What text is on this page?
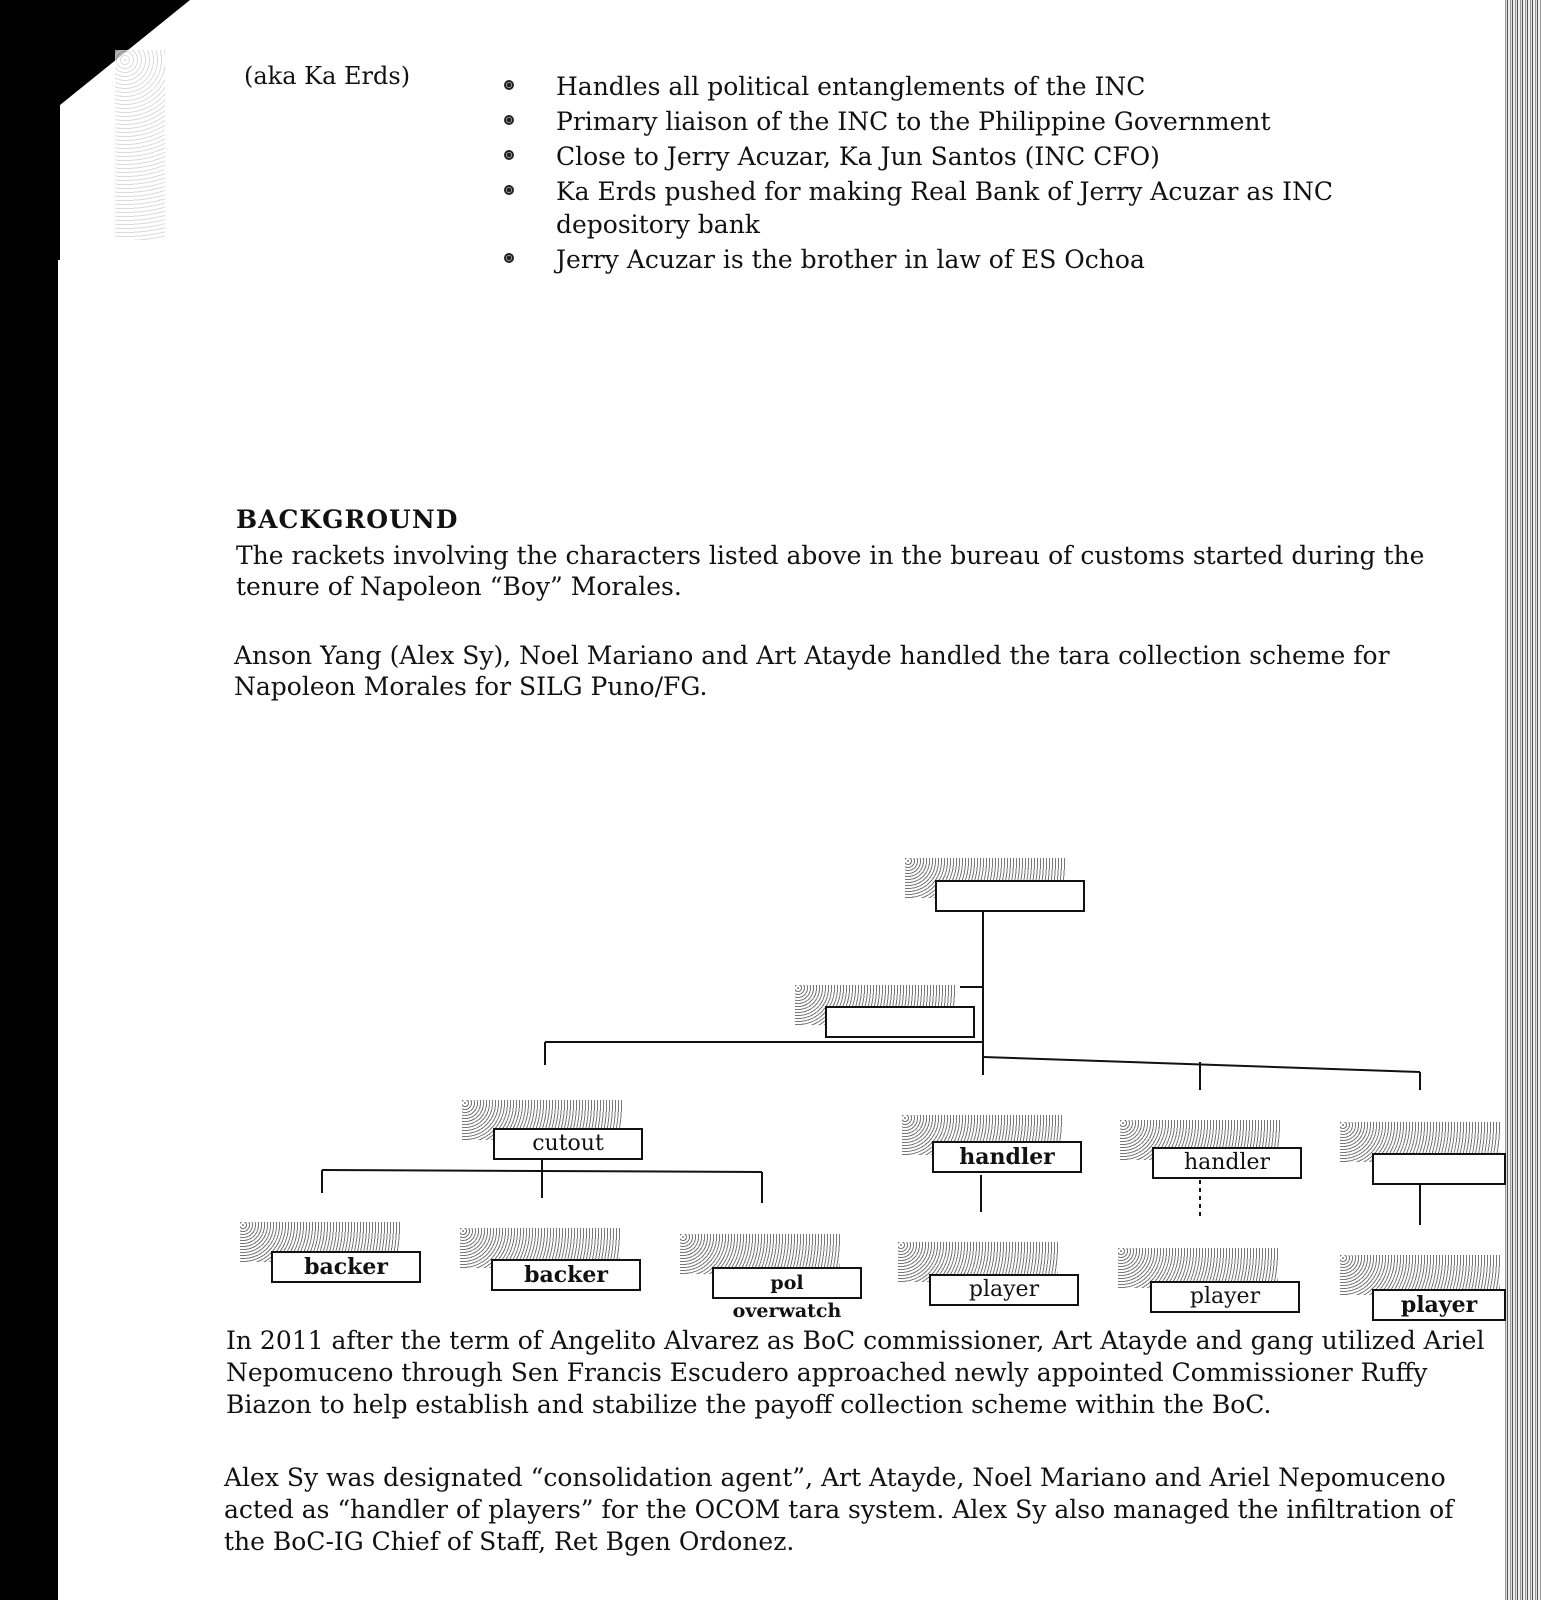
(aka Ka Erds)	Handles all political entanglements of the INC
Primary liaison of the INC to the Philippine Government
Close to Jerry Acuzar, Ka Jun Santos (INC CFO)
Ka Erds pushed for making Real Bank of Jerry Acuzar as INC depository bank
Jerry Acuzar is the brother in law of ES Ochoa
BACKGROUND
The rackets involving the characters listed above in the bureau of customs started during the tenure of Napoleon “Boy” Morales.
Anson Yang (Alex Sy), Noel Mariano and Art Atayde handled the tara collection scheme for Napoleon Morales for SILG Puno/FG.
cutout
handler	handler
backer	backer	pol overwatch
player	player	player
In 2011 after the term of Angelito Alvarez as BoC commissioner, Art Atayde and gang utilized Ariel Nepomuceno through Sen Francis Escudero approached newly appointed Commissioner Ruffy Biazon to help establish and stabilize the payoff collection scheme within the BoC.
Alex Sy was designated “consolidation agent”, Art Atayde, Noel Mariano and Ariel Nepomuceno acted as “handler of players” for the OCOM tara system. Alex Sy also managed the infiltration of the BoC-IG Chief of Staff, Ret Bgen Ordonez.
